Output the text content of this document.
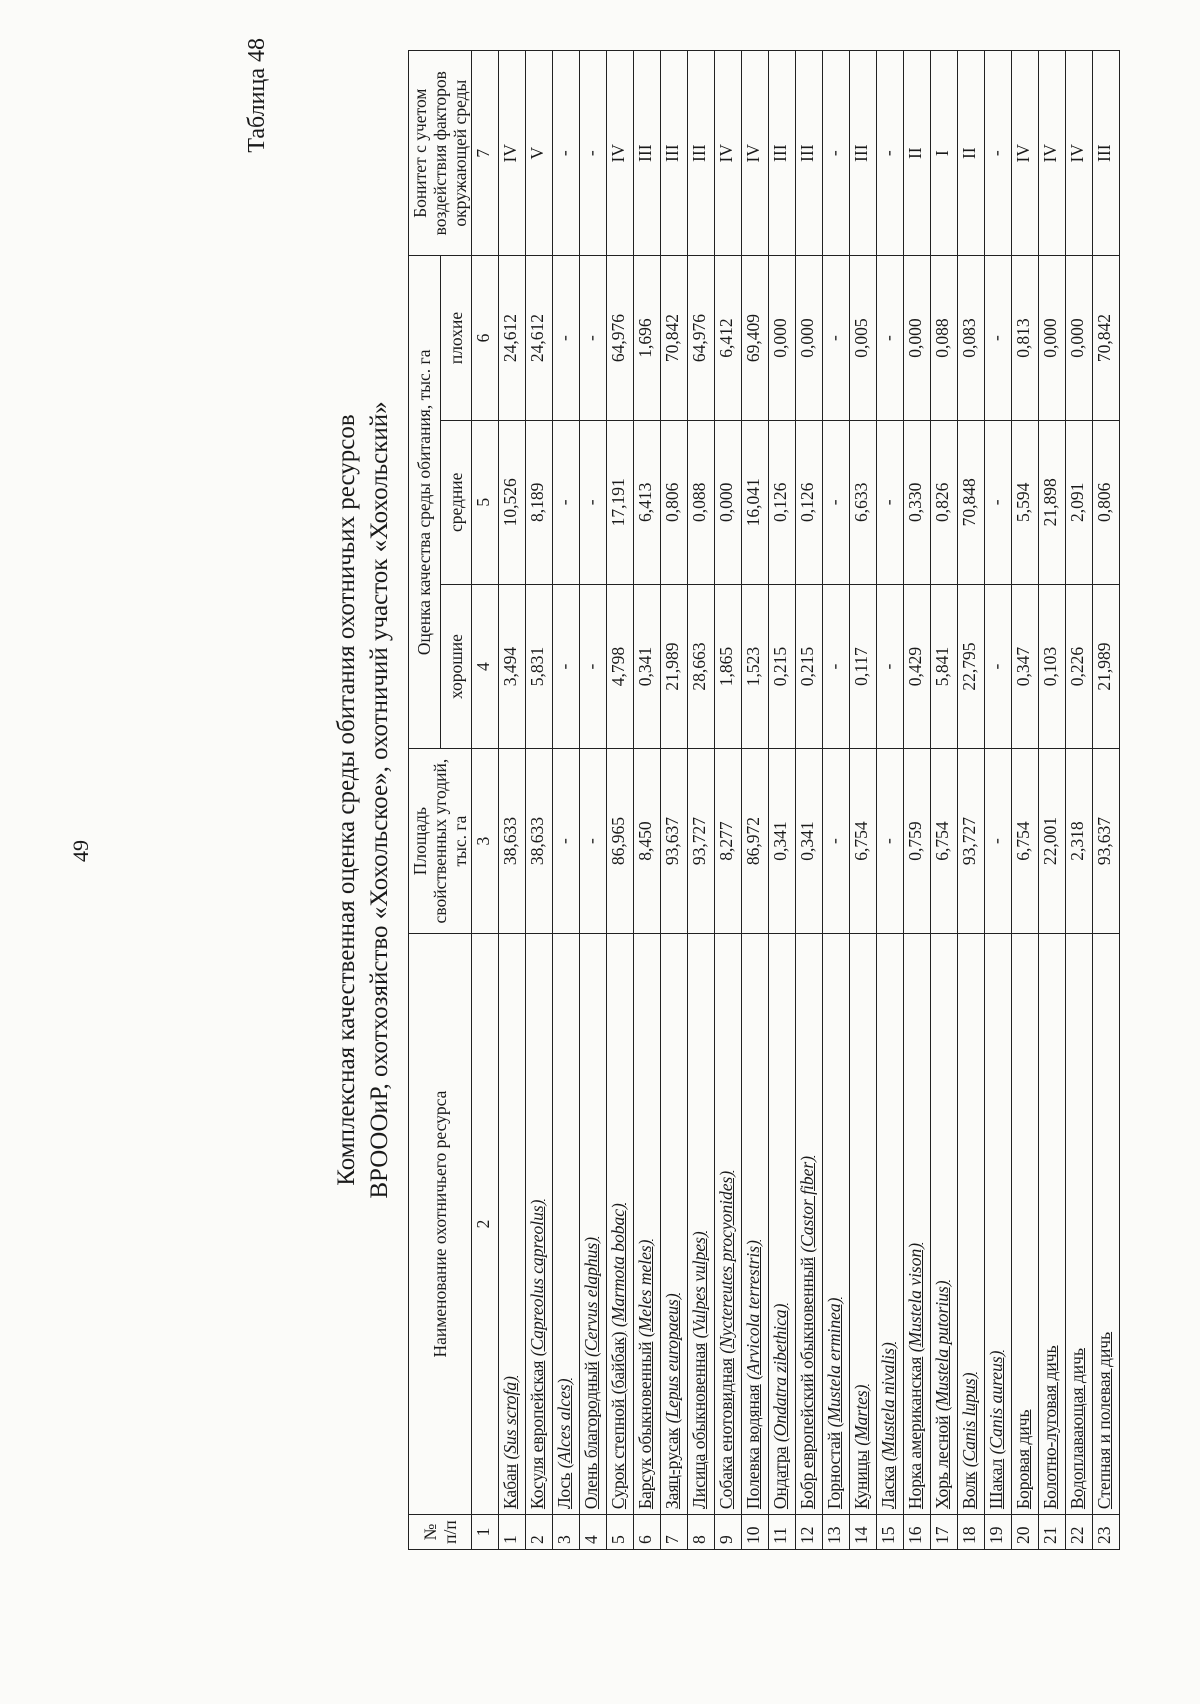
49
Таблица 48
Комплексная качественная оценка среды обитания охотничьих ресурсов ВРОООиР, охотхозяйство «Хохольское», охотничий участок «Хохольский»
№ п/п	Наименование охотничьего ресурса	Площадь свойственных угодий, тыс. га	Оценка качества среды обитания, тыс. га			Бонитет с учетом воздействия факторов окружающей среды
			хорошие	средние	плохие	
1	2	3	4	5	6	7
1	Кабан (Sus scrofa)	38,633	3,494	10,526	24,612	IV
2	Косуля европейская (Capreolus capreolus)	38,633	5,831	8,189	24,612	V
3	Лось (Alces alces)	-	-	-	-	-
4	Олень благородный (Cervus elaphus)	-	-	-	-	-
5	Сурок степной (байбак) (Marmota bobac)	86,965	4,798	17,191	64,976	IV
6	Барсук обыкновенный (Meles meles)	8,450	0,341	6,413	1,696	III
7	Заяц-русак (Lepus europaeus)	93,637	21,989	0,806	70,842	III
8	Лисица обыкновенная (Vulpes vulpes)	93,727	28,663	0,088	64,976	III
9	Собака енотовидная (Nyctereutes procyonides)	8,277	1,865	0,000	6,412	IV
10	Полевка водяная (Arvicola terrestris)	86,972	1,523	16,041	69,409	IV
11	Ондатра (Ondatra zibethica)	0,341	0,215	0,126	0,000	III
12	Бобр европейский обыкновенный (Castor fiber)	0,341	0,215	0,126	0,000	III
13	Горностай (Mustela erminea)	-	-	-	-	-
14	Куницы (Martes)	6,754	0,117	6,633	0,005	III
15	Ласка (Mustela nivalis)	-	-	-	-	-
16	Норка американская (Mustela vison)	0,759	0,429	0,330	0,000	II
17	Хорь лесной (Mustela putorius)	6,754	5,841	0,826	0,088	I
18	Волк (Canis lupus)	93,727	22,795	70,848	0,083	II
19	Шакал (Canis aureus)	-	-	-	-	-
20	Боровая дичь	6,754	0,347	5,594	0,813	IV
21	Болотно-луговая дичь	22,001	0,103	21,898	0,000	IV
22	Водоплавающая дичь	2,318	0,226	2,091	0,000	IV
23	Степная и полевая дичь	93,637	21,989	0,806	70,842	III
